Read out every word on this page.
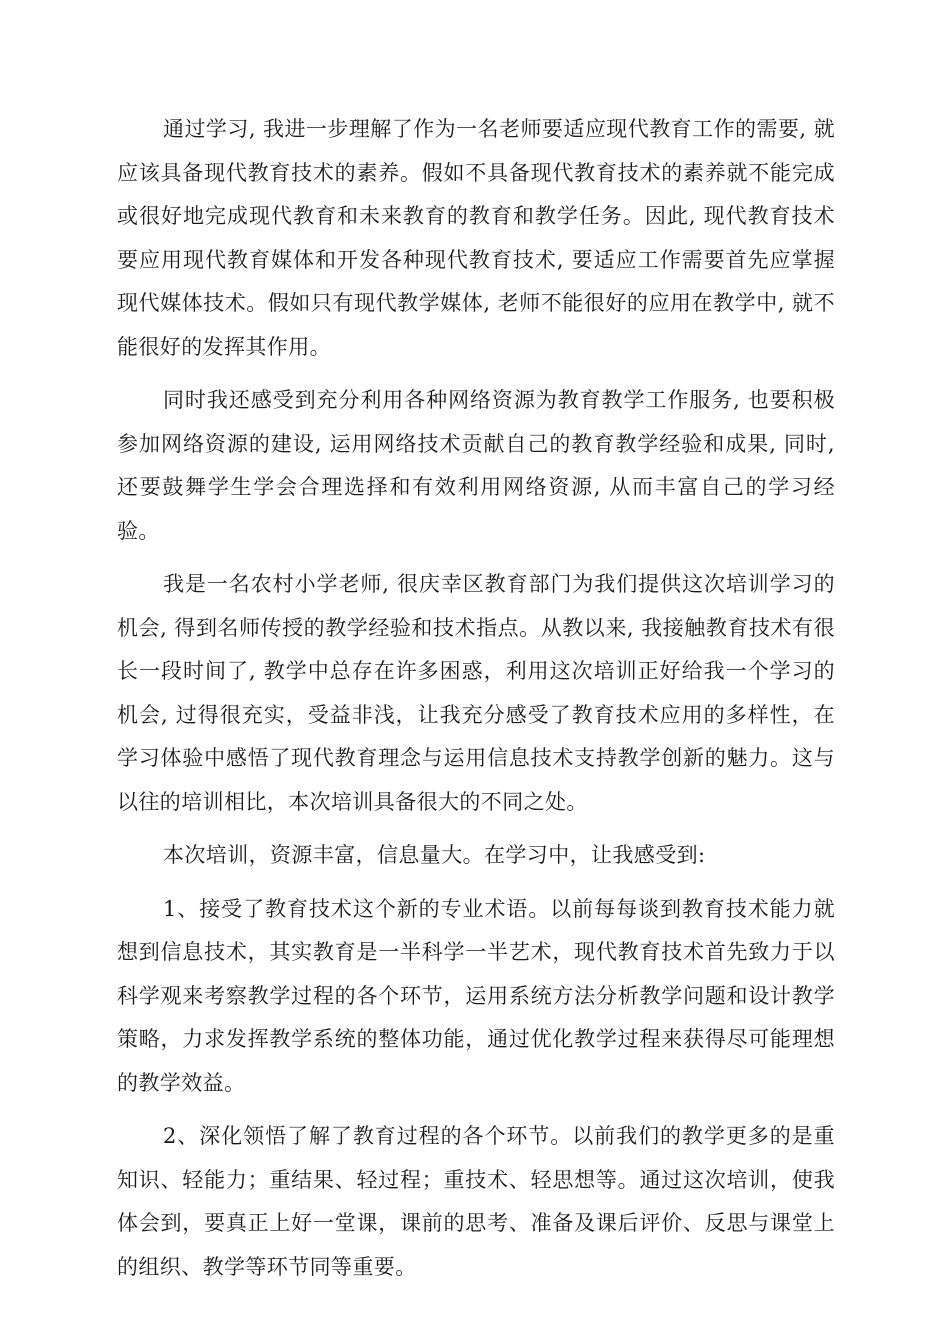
通过学习, 我进一步理解了作为一名老师要适应现代教育工作的需要, 就应该具备现代教育技术的素养。假如不具备现代教育技术的素养就不能完成或很好地完成现代教育和未来教育的教育和教学任务。因此, 现代教育技术要应用现代教育媒体和开发各种现代教育技术, 要适应工作需要首先应掌握现代媒体技术。假如只有现代教学媒体, 老师不能很好的应用在教学中, 就不能很好的发挥其作用。

同时我还感受到充分利用各种网络资源为教育教学工作服务, 也要积极参加网络资源的建设, 运用网络技术贡献自己的教育教学经验和成果, 同时, 还要鼓舞学生学会合理选择和有效利用网络资源, 从而丰富自己的学习经验。

我是一名农村小学老师, 很庆幸区教育部门为我们提供这次培训学习的机会, 得到名师传授的教学经验和技术指点。从教以来, 我接触教育技术有很长一段时间了, 教学中总存在许多困惑，利用这次培训正好给我一个学习的机会, 过得很充实，受益非浅，让我充分感受了教育技术应用的多样性，在学习体验中感悟了现代教育理念与运用信息技术支持教学创新的魅力。这与以往的培训相比，本次培训具备很大的不同之处。

本次培训，资源丰富，信息量大。在学习中，让我感受到:

1、接受了教育技术这个新的专业术语。以前每每谈到教育技术能力就想到信息技术，其实教育是一半科学一半艺术，现代教育技术首先致力于以科学观来考察教学过程的各个环节，运用系统方法分析教学问题和设计教学策略，力求发挥教学系统的整体功能，通过优化教学过程来获得尽可能理想的教学效益。

2、深化领悟了解了教育过程的各个环节。以前我们的教学更多的是重知识、轻能力；重结果、轻过程；重技术、轻思想等。通过这次培训，使我体会到，要真正上好一堂课，课前的思考、准备及课后评价、反思与课堂上的组织、教学等环节同等重要。
